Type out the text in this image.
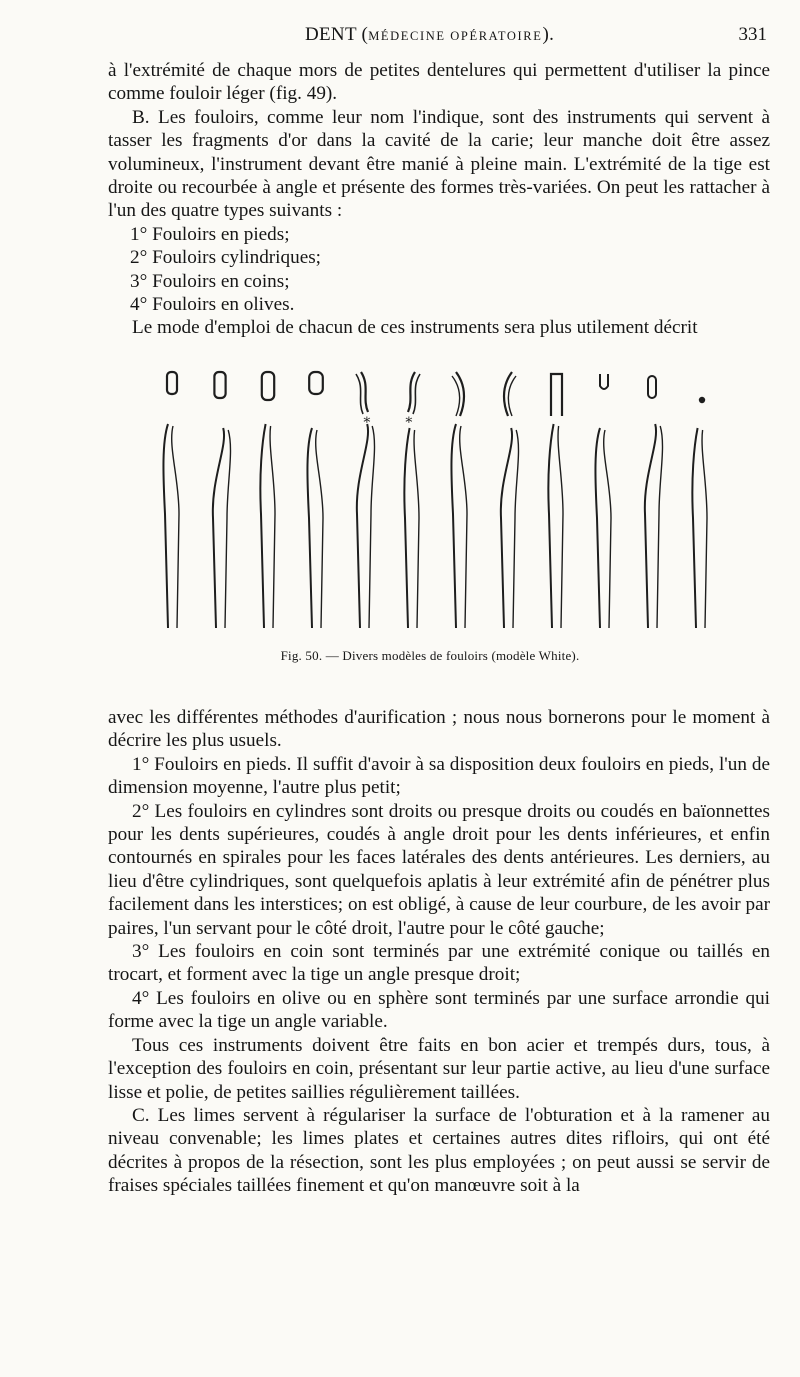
DENT (MÉDECINE OPÉRATOIRE).	331

à l'extrémité de chaque mors de petites dentelures qui permettent d'utiliser la pince comme fouloir léger (fig. 49).

B. Les fouloirs, comme leur nom l'indique, sont des instruments qui servent à tasser les fragments d'or dans la cavité de la carie; leur manche doit être assez volumineux, l'instrument devant être manié à pleine main. L'extrémité de la tige est droite ou recourbée à angle et présente des formes très-variées. On peut les rattacher à l'un des quatre types suivants :

1° Fouloirs en pieds;

2° Fouloirs cylindriques;

3° Fouloirs en coins;

4° Fouloirs en olives.

Le mode d'emploi de chacun de ces instruments sera plus utilement décrit

∗ ∗
Fig. 50. — Divers modèles de fouloirs (modèle White).

avec les différentes méthodes d'aurification ; nous nous bornerons pour le moment à décrire les plus usuels.

1° Fouloirs en pieds. Il suffit d'avoir à sa disposition deux fouloirs en pieds, l'un de dimension moyenne, l'autre plus petit;

2° Les fouloirs en cylindres sont droits ou presque droits ou coudés en baïonnettes pour les dents supérieures, coudés à angle droit pour les dents inférieures, et enfin contournés en spirales pour les faces latérales des dents antérieures. Les derniers, au lieu d'être cylindriques, sont quelquefois aplatis à leur extrémité afin de pénétrer plus facilement dans les interstices; on est obligé, à cause de leur courbure, de les avoir par paires, l'un servant pour le côté droit, l'autre pour le côté gauche;

3° Les fouloirs en coin sont terminés par une extrémité conique ou taillés en trocart, et forment avec la tige un angle presque droit;

4° Les fouloirs en olive ou en sphère sont terminés par une surface arrondie qui forme avec la tige un angle variable.

Tous ces instruments doivent être faits en bon acier et trempés durs, tous, à l'exception des fouloirs en coin, présentant sur leur partie active, au lieu d'une surface lisse et polie, de petites saillies régulièrement taillées.

C. Les limes servent à régulariser la surface de l'obturation et à la ramener au niveau convenable; les limes plates et certaines autres dites rifloirs, qui ont été décrites à propos de la résection, sont les plus employées ; on peut aussi se servir de fraises spéciales taillées finement et qu'on manœuvre soit à la
